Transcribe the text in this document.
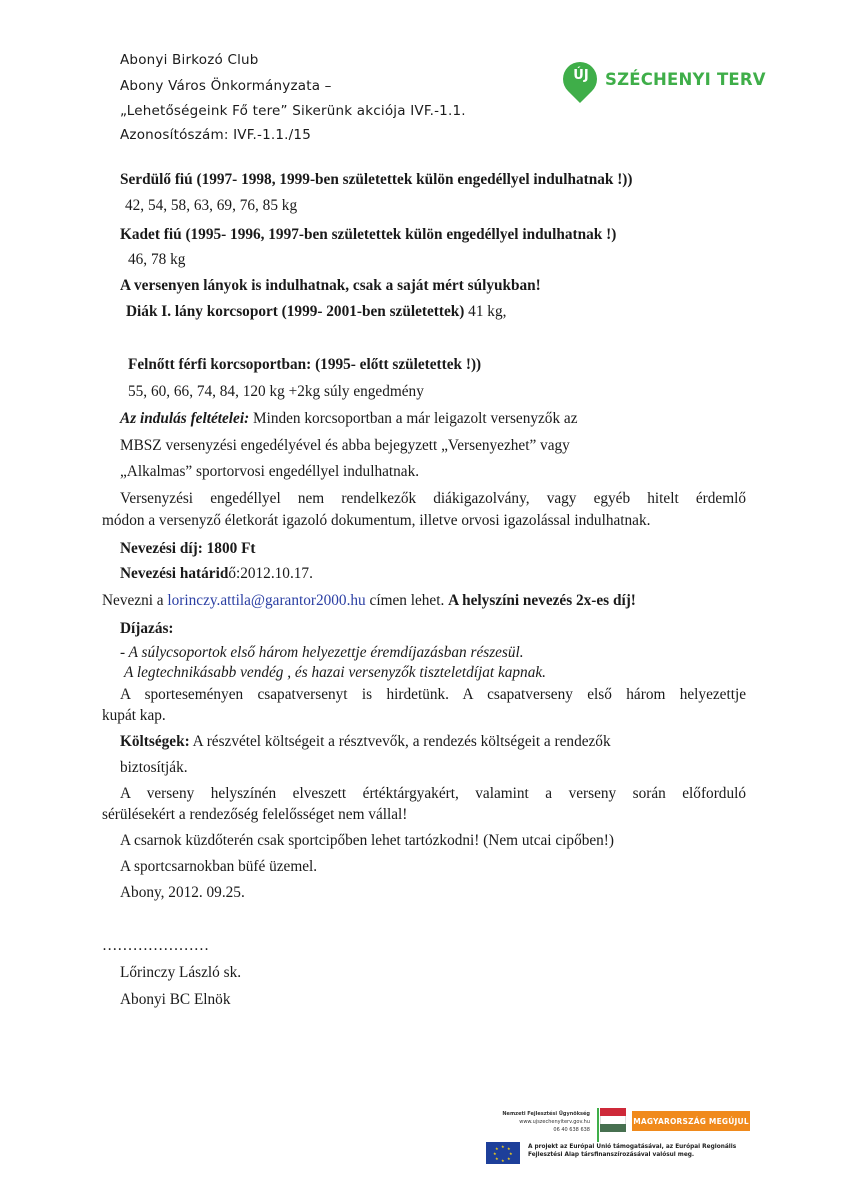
Abonyi Birkozó Club
Abony Város Önkormányzata –
„Lehetőségeink Fő tere” Sikerünk akciója IVF.-1.1.
Azonosítószám: IVF.-1.1./15
ÚJ SZÉCHENYI TERV
Serdülő fiú (1997- 1998, 1999-ben születettek külön engedéllyel indulhatnak !))
42, 54, 58, 63, 69, 76, 85 kg
Kadet fiú (1995- 1996, 1997-ben születettek külön engedéllyel indulhatnak !)
46, 78 kg
A versenyen lányok is indulhatnak, csak a saját mért súlyukban!
Diák I. lány korcsoport (1999- 2001-ben születettek) 41 kg,
Felnőtt férfi korcsoportban: (1995- előtt születettek !))
55, 60, 66, 74, 84, 120 kg +2kg súly engedmény
Az indulás feltételei: Minden korcsoportban a már leigazolt versenyzők az
MBSZ versenyzési engedélyével és abba bejegyzett „Versenyezhet” vagy
„Alkalmas” sportorvosi engedéllyel indulhatnak.
Versenyzési engedéllyel nem rendelkezők diákigazolvány, vagy egyéb hitelt érdemlő
módon a versenyző életkorát igazoló dokumentum, illetve orvosi igazolással indulhatnak.
Nevezési díj: 1800 Ft
Nevezési határidő:2012.10.17.
Nevezni a lorinczy.attila@garantor2000.hu címen lehet. A helyszíni nevezés 2x-es díj!
Díjazás:
- A súlycsoportok első három helyezettje éremdíjazásban részesül.
A legtechnikásabb vendég , és hazai versenyzők tiszteletdíjat kapnak.
A sporteseményen csapatversenyt is hirdetünk. A csapatverseny első három helyezettje
kupát kap.
Költségek: A részvétel költségeit a résztvevők, a rendezés költségeit a rendezők
biztosítják.
A verseny helyszínén elveszett értéktárgyakért, valamint a verseny során előforduló
sérülésekért a rendezőség felelősséget nem vállal!
A csarnok küzdőterén csak sportcipőben lehet tartózkodni! (Nem utcai cipőben!)
A sportcsarnokban büfé üzemel.
Abony, 2012. 09.25.
…………………
Lőrinczy László sk.
Abonyi BC Elnök
Nemzeti Fejlesztési Ügynökség
www.ujszechenyiterv.gov.hu
06 40 638 638
MAGYARORSZÁG MEGÚJUL
★ ★
★
★
★
★
★
★	A projekt az Európai Unió támogatásával, az Európai Regionális
Fejlesztési Alap társfinanszírozásával valósul meg.
